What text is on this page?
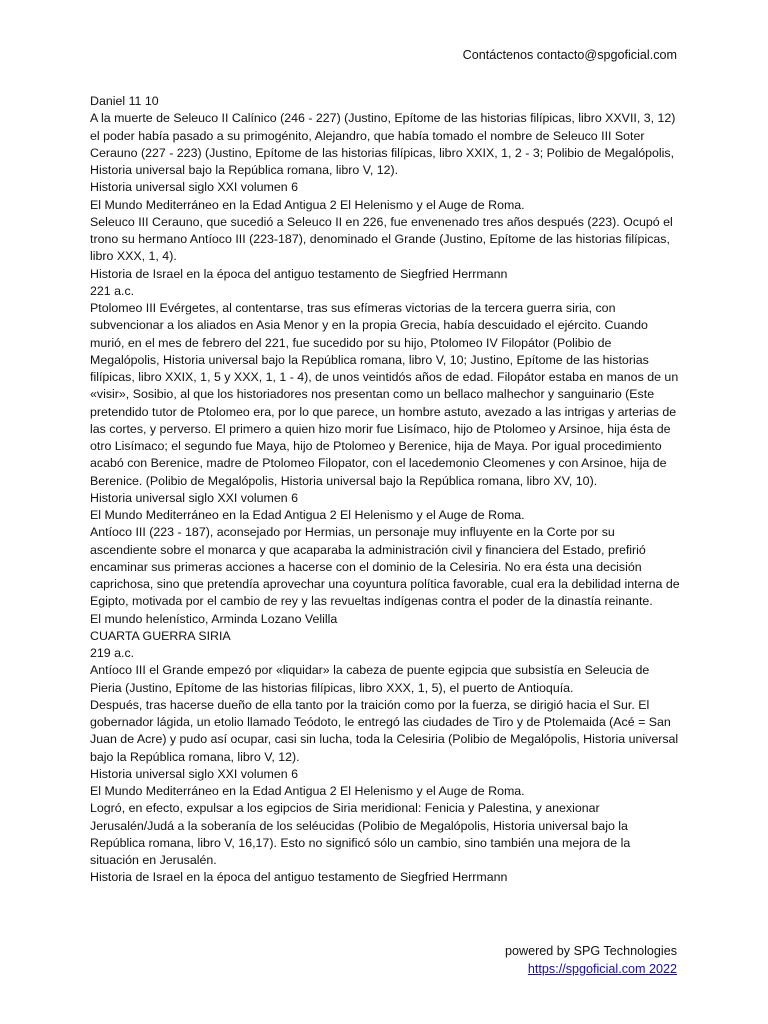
Contáctenos contacto@spgoficial.com

Daniel 11 10

A la muerte de Seleuco II Calínico (246 - 227) (Justino, Epítome de las historias filípicas, libro XXVII, 3, 12) el poder había pasado a su primogénito, Alejandro, que había tomado el nombre de Seleuco III Soter Cerauno (227 - 223) (Justino, Epítome de las historias filípicas, libro XXIX, 1, 2 - 3; Polibio de Megalópolis, Historia universal bajo la República romana, libro V, 12).

Historia universal siglo XXI volumen 6

El Mundo Mediterráneo en la Edad Antigua 2 El Helenismo y el Auge de Roma.

Seleuco III Cerauno, que sucedió a Seleuco II en 226, fue envenenado tres años después (223). Ocupó el trono su hermano Antíoco III (223-187), denominado el Grande (Justino, Epítome de las historias filípicas, libro XXX, 1, 4).

Historia de Israel en la época del antiguo testamento de Siegfried Herrmann

221 a.c.

Ptolomeo III Evérgetes, al contentarse, tras sus efímeras victorias de la tercera guerra siria, con subvencionar a los aliados en Asia Menor y en la propia Grecia, había descuidado el ejército. Cuando murió, en el mes de febrero del 221, fue sucedido por su hijo, Ptolomeo IV Filopátor (Polibio de Megalópolis, Historia universal bajo la República romana, libro V, 10; Justino, Epítome de las historias filípicas, libro XXIX, 1, 5 y XXX, 1, 1 - 4), de unos veintidós años de edad. Filopátor estaba en manos de un «visir», Sosibio, al que los historiadores nos presentan como un bellaco malhechor y sanguinario (Este pretendido tutor de Ptolomeo era, por lo que parece, un hombre astuto, avezado a las intrigas y arterias de las cortes, y perverso. El primero a quien hizo morir fue Lisímaco, hijo de Ptolomeo y Arsinoe, hija ésta de otro Lisímaco; el segundo fue Maya, hijo de Ptolomeo y Berenice, hija de Maya. Por igual procedimiento acabó con Berenice, madre de Ptolomeo Filopator, con el lacedemonio Cleomenes y con Arsinoe, hija de Berenice. (Polibio de Megalópolis, Historia universal bajo la República romana, libro XV, 10).

Historia universal siglo XXI volumen 6

El Mundo Mediterráneo en la Edad Antigua 2 El Helenismo y el Auge de Roma.

Antíoco III (223 - 187), aconsejado por Hermias, un personaje muy influyente en la Corte por su ascendiente sobre el monarca y que acaparaba la administración civil y financiera del Estado, prefirió encaminar sus primeras acciones a hacerse con el dominio de la Celesiria. No era ésta una decisión caprichosa, sino que pretendía aprovechar una coyuntura política favorable, cual era la debilidad interna de Egipto, motivada por el cambio de rey y las revueltas indígenas contra el poder de la dinastía reinante.

El mundo helenístico, Arminda Lozano Velilla

CUARTA GUERRA SIRIA

219 a.c.

Antíoco III el Grande empezó por «liquidar» la cabeza de puente egipcia que subsistía en Seleucia de Pieria (Justino, Epítome de las historias filípicas, libro XXX, 1, 5), el puerto de Antioquía.

Después, tras hacerse dueño de ella tanto por la traición como por la fuerza, se dirigió hacia el Sur. El gobernador lágida, un etolio llamado Teódoto, le entregó las ciudades de Tiro y de Ptolemaida (Acé = San Juan de Acre) y pudo así ocupar, casi sin lucha, toda la Celesiria (Polibio de Megalópolis, Historia universal bajo la República romana, libro V, 12).

Historia universal siglo XXI volumen 6

El Mundo Mediterráneo en la Edad Antigua 2 El Helenismo y el Auge de Roma.

Logró, en efecto, expulsar a los egipcios de Siria meridional: Fenicia y Palestina, y anexionar Jerusalén/Judá a la soberanía de los seléucidas (Polibio de Megalópolis, Historia universal bajo la República romana, libro V, 16,17). Esto no significó sólo un cambio, sino también una mejora de la situación en Jerusalén.

Historia de Israel en la época del antiguo testamento de Siegfried Herrmann

powered by SPG Technologies
https://spgoficial.com 2022
